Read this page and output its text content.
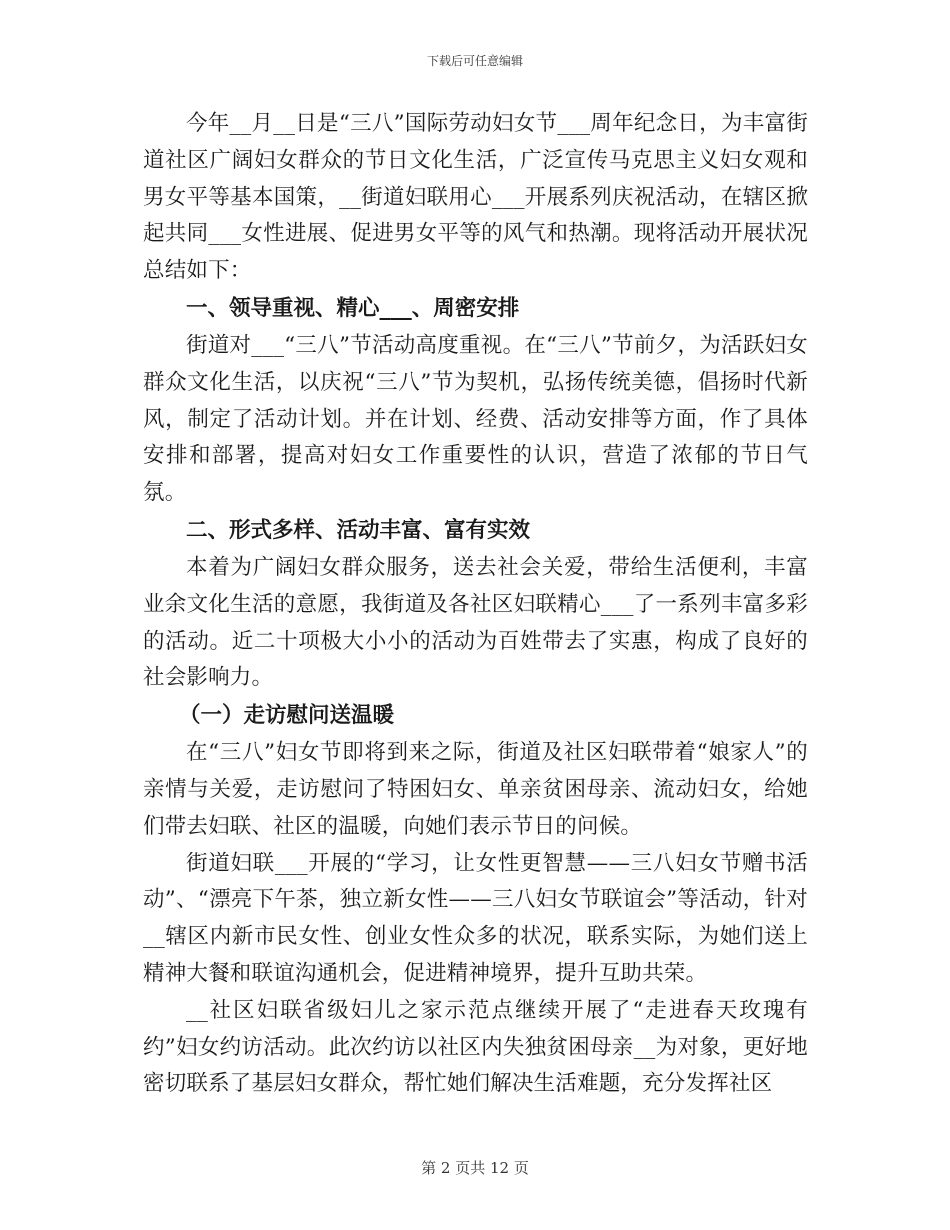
下载后可任意编辑

今年__月__日是“三八”国际劳动妇女节___周年纪念日，为丰富街道社区广阔妇女群众的节日文化生活，广泛宣传马克思主义妇女观和男女平等基本国策，__街道妇联用心___开展系列庆祝活动，在辖区掀起共同___女性进展、促进男女平等的风气和热潮。现将活动开展状况总结如下：

一、领导重视、精心___、周密安排

街道对___“三八”节活动高度重视。在“三八”节前夕，为活跃妇女群众文化生活，以庆祝“三八”节为契机，弘扬传统美德，倡扬时代新风，制定了活动计划。并在计划、经费、活动安排等方面，作了具体安排和部署，提高对妇女工作重要性的认识，营造了浓郁的节日气氛。

二、形式多样、活动丰富、富有实效

本着为广阔妇女群众服务，送去社会关爱，带给生活便利，丰富业余文化生活的意愿，我街道及各社区妇联精心___了一系列丰富多彩的活动。近二十项极大小小的活动为百姓带去了实惠，构成了良好的社会影响力。

（一）走访慰问送温暖

在“三八”妇女节即将到来之际，街道及社区妇联带着“娘家人”的亲情与关爱，走访慰问了特困妇女、单亲贫困母亲、流动妇女，给她们带去妇联、社区的温暖，向她们表示节日的问候。

街道妇联___开展的“学习，让女性更智慧——三八妇女节赠书活动”、“漂亮下午茶，独立新女性——三八妇女节联谊会”等活动，针对__辖区内新市民女性、创业女性众多的状况，联系实际，为她们送上精神大餐和联谊沟通机会，促进精神境界，提升互助共荣。

__社区妇联省级妇儿之家示范点继续开展了“走进春天玫瑰有约”妇女约访活动。此次约访以社区内失独贫困母亲__为对象，更好地密切联系了基层妇女群众，帮忙她们解决生活难题，充分发挥社区

第 2 页共 12 页
